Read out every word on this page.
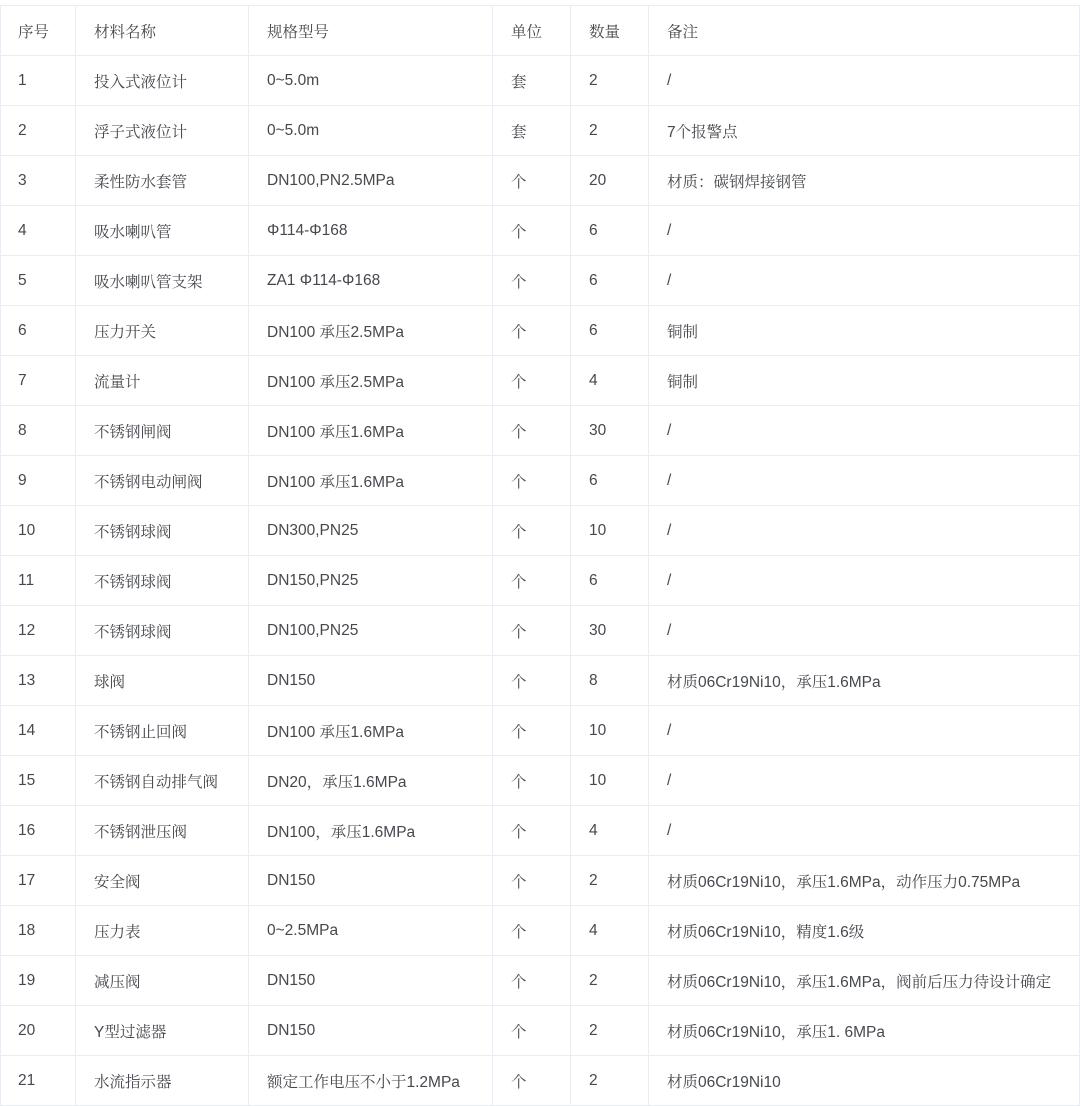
序号	材料名称	规格型号	单位	数量	备注
1	投入式液位计	0~5.0m	套	2	/
2	浮子式液位计	0~5.0m	套	2	7个报警点
3	柔性防水套管	DN100,PN2.5MPa	个	20	材质：碳钢焊接钢管
4	吸水喇叭管	Φ114-Φ168	个	6	/
5	吸水喇叭管支架	ZA1 Φ114-Φ168	个	6	/
6	压力开关	DN100 承压2.5MPa	个	6	铜制
7	流量计	DN100 承压2.5MPa	个	4	铜制
8	不锈钢闸阀	DN100 承压1.6MPa	个	30	/
9	不锈钢电动闸阀	DN100 承压1.6MPa	个	6	/
10	不锈钢球阀	DN300,PN25	个	10	/
11	不锈钢球阀	DN150,PN25	个	6	/
12	不锈钢球阀	DN100,PN25	个	30	/
13	球阀	DN150	个	8	材质06Cr19Ni10，承压1.6MPa
14	不锈钢止回阀	DN100 承压1.6MPa	个	10	/
15	不锈钢自动排气阀	DN20，承压1.6MPa	个	10	/
16	不锈钢泄压阀	DN100，承压1.6MPa	个	4	/
17	安全阀	DN150	个	2	材质06Cr19Ni10，承压1.6MPa，动作压力0.75MPa
18	压力表	0~2.5MPa	个	4	材质06Cr19Ni10，精度1.6级
19	减压阀	DN150	个	2	材质06Cr19Ni10，承压1.6MPa，阀前后压力待设计确定
20	Y型过滤器	DN150	个	2	材质06Cr19Ni10，承压1. 6MPa
21	水流指示器	额定工作电压不小于1.2MPa	个	2	材质06Cr19Ni10
